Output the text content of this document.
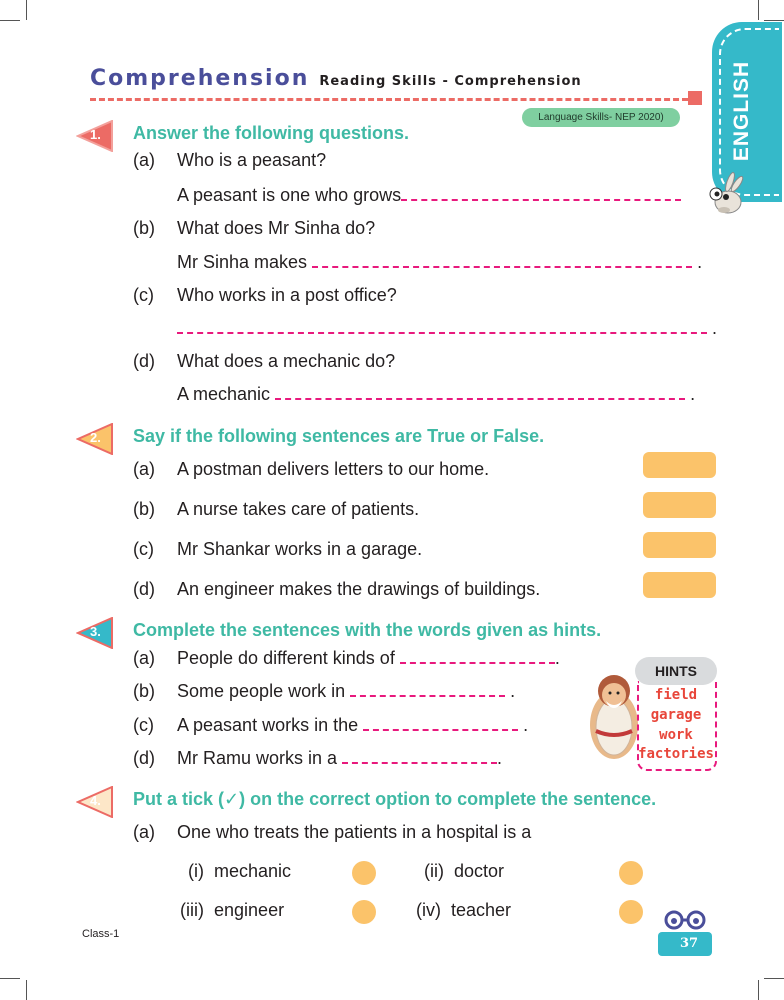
Comprehension Reading Skills - Comprehension
Language Skills- NEP 2020)	ENGLISH
1. Answer the following questions.
(a) Who is a peasant?
A peasant is one who grows
(b) What does Mr Sinha do?
Mr Sinha makes	.
(c) Who works in a post office?
.
(d) What does a mechanic do?
A mechanic	.
2. Say if the following sentences are True or False.
(a) A postman delivers letters to our home.
(b) A nurse takes care of patients.
(c) Mr Shankar works in a garage.
(d) An engineer makes the drawings of buildings.
3. Complete the sentences with the words given as hints.
(a) People do different kinds of	.
(b) Some people work in	.
(c) A peasant works in the	.
(d) Mr Ramu works in a	.
HINTS
field
garage
work
factories
4. Put a tick (✓) on the correct option to complete the sentence.
(a) One who treats the patients in a hospital is a
(i) mechanic	(ii) doctor
(iii) engineer	(iv) teacher
Class-1
37
